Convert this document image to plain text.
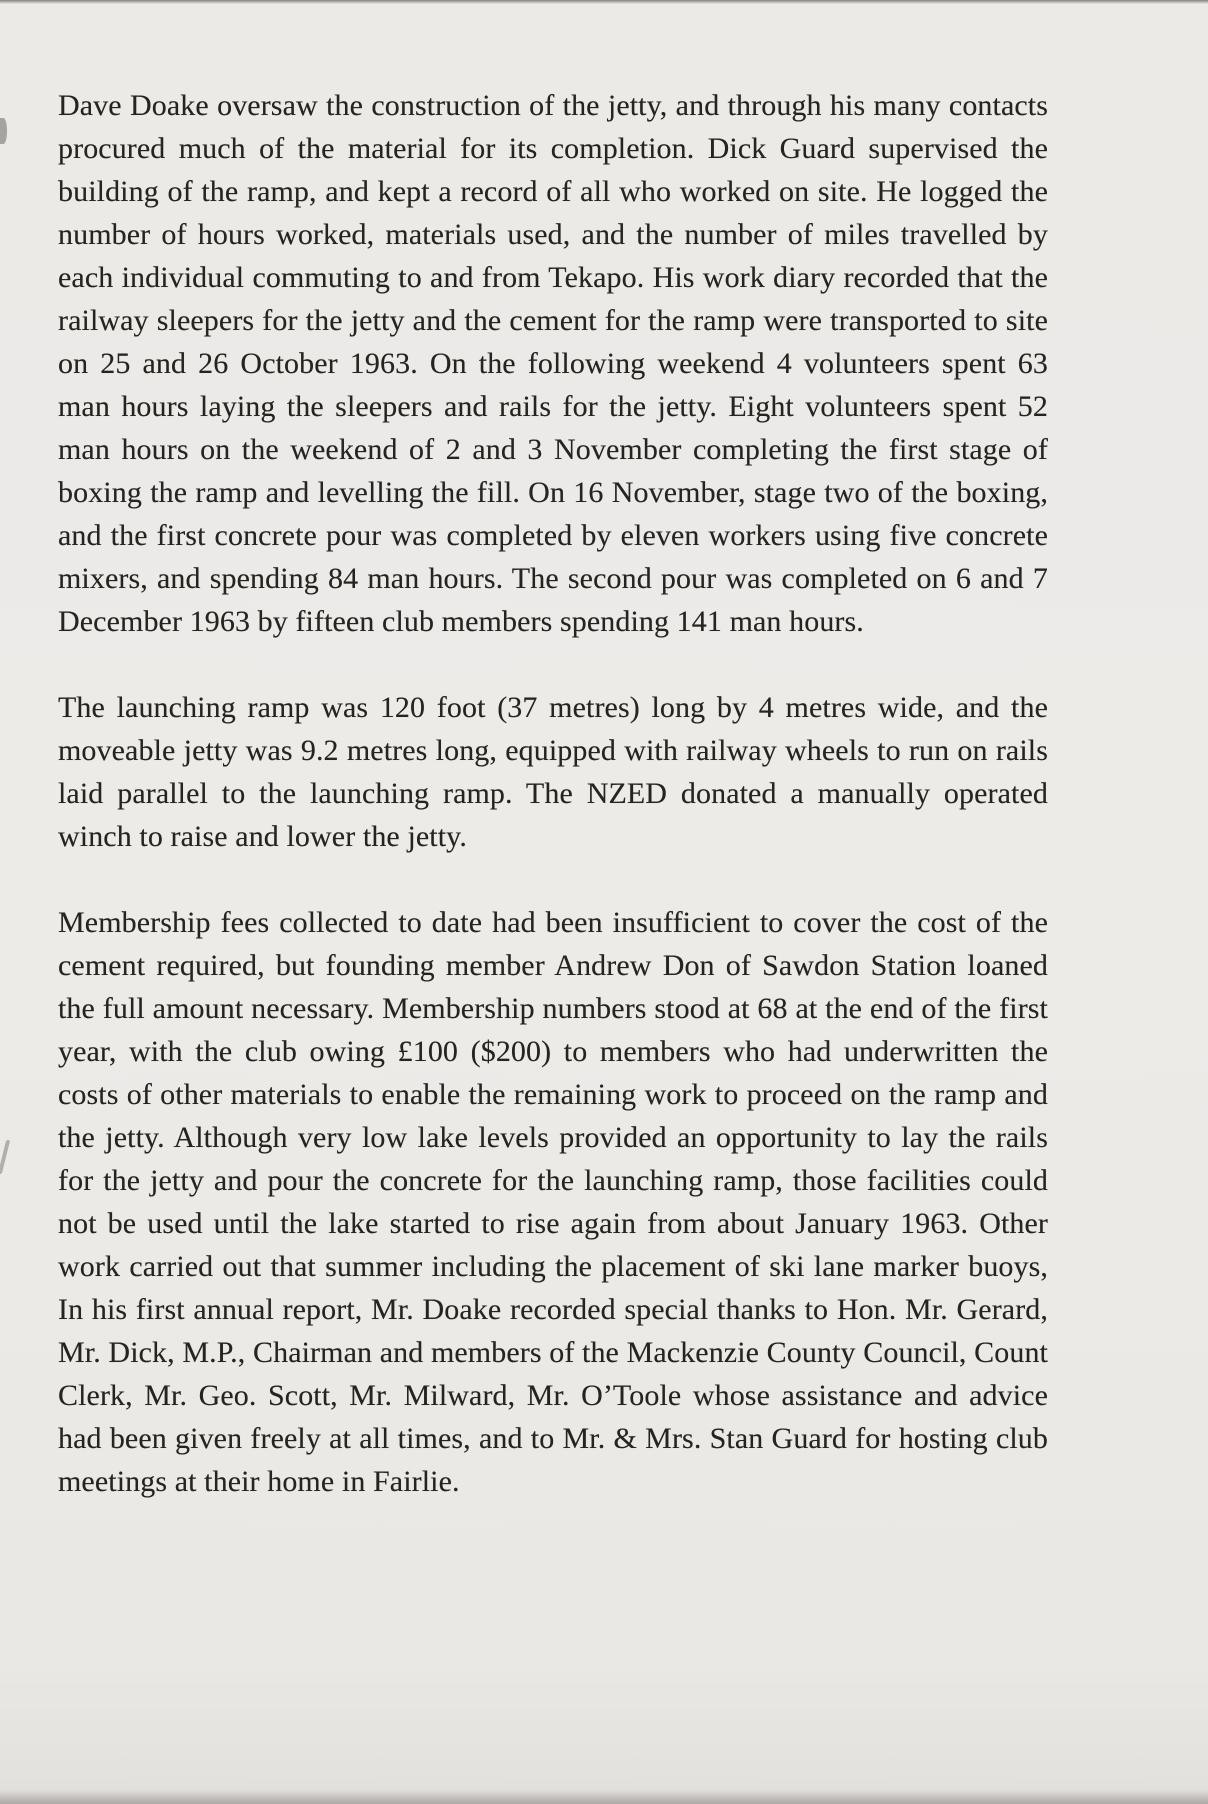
Dave Doake oversaw the construction of the jetty, and through his many contacts procured much of the material for its completion. Dick Guard supervised the building of the ramp, and kept a record of all who worked on site. He logged the number of hours worked, materials used, and the number of miles travelled by each individual commuting to and from Tekapo. His work diary recorded that the railway sleepers for the jetty and the cement for the ramp were transported to site on 25 and 26 October 1963. On the following weekend 4 volunteers spent 63 man hours laying the sleepers and rails for the jetty. Eight volunteers spent 52 man hours on the weekend of 2 and 3 November completing the first stage of boxing the ramp and levelling the fill. On 16 November, stage two of the boxing, and the first concrete pour was completed by eleven workers using five concrete mixers, and spending 84 man hours. The second pour was completed on 6 and 7 December 1963 by fifteen club members spending 141 man hours.

The launching ramp was 120 foot (37 metres) long by 4 metres wide, and the moveable jetty was 9.2 metres long, equipped with railway wheels to run on rails laid parallel to the launching ramp. The NZED donated a manually operated winch to raise and lower the jetty.

Membership fees collected to date had been insufficient to cover the cost of the cement required, but founding member Andrew Don of Sawdon Station loaned the full amount necessary. Membership numbers stood at 68 at the end of the first year, with the club owing £100 ($200) to members who had underwritten the costs of other materials to enable the remaining work to proceed on the ramp and the jetty. Although very low lake levels provided an opportunity to lay the rails for the jetty and pour the concrete for the launching ramp, those facilities could not be used until the lake started to rise again from about January 1963. Other work carried out that summer including the placement of ski lane marker buoys, In his first annual report, Mr. Doake recorded special thanks to Hon. Mr. Gerard, Mr. Dick, M.P., Chairman and members of the Mackenzie County Council, Count Clerk, Mr. Geo. Scott, Mr. Milward, Mr. O’Toole whose assistance and advice had been given freely at all times, and to Mr. & Mrs. Stan Guard for hosting club meetings at their home in Fairlie.
